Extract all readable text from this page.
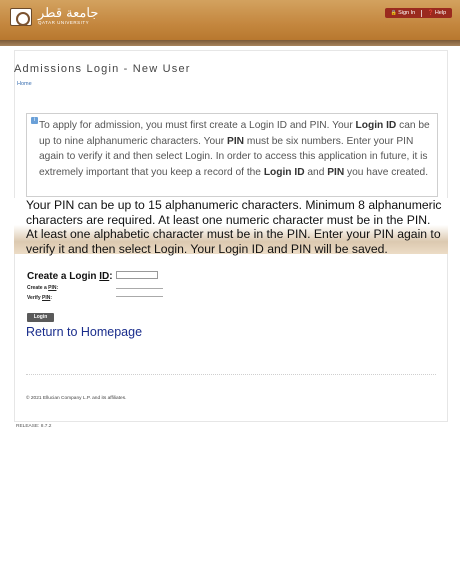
جامعة قطر
QATAR UNIVERSITY
🔒 Sign In ❓ Help
Admissions Login - New User
Home
i To apply for admission, you must first create a Login ID and PIN. Your Login ID can be up to nine alphanumeric characters. Your PIN must be six numbers. Enter your PIN again to verify it and then select Login. In order to access this application in future, it is extremely important that you keep a record of the Login ID and PIN you have created.
Your PIN can be up to 15 alphanumeric characters. Minimum 8 alphanumeric characters are required. At least one numeric character must be in the PIN. At least one alphabetic character must be in the PIN. Enter your PIN again to verify it and then select Login. Your Login ID and PIN will be saved.
Create a Login ID:
Create a PIN:
Verify PIN:
Login
Return to Homepage
© 2021 Ellucian Company L.P. and its affiliates.
RELEASE: 8.7.2
